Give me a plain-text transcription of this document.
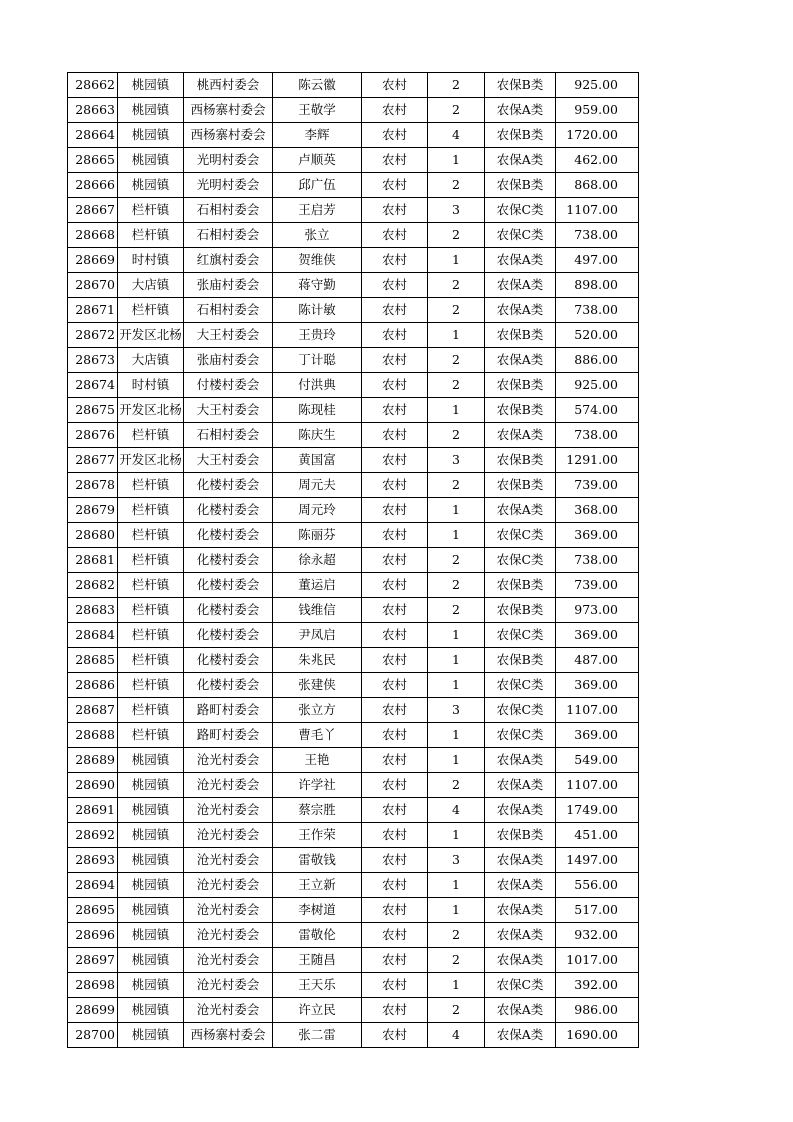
28662	桃园镇	桃西村委会	陈云徽	农村	2	农保B类	925.00
28663	桃园镇	西杨寨村委会	王敬学	农村	2	农保A类	959.00
28664	桃园镇	西杨寨村委会	李辉	农村	4	农保B类	1720.00
28665	桃园镇	光明村委会	卢顺英	农村	1	农保A类	462.00
28666	桃园镇	光明村委会	邱广伍	农村	2	农保B类	868.00
28667	栏杆镇	石相村委会	王启芳	农村	3	农保C类	1107.00
28668	栏杆镇	石相村委会	张立	农村	2	农保C类	738.00
28669	时村镇	红旗村委会	贺维侠	农村	1	农保A类	497.00
28670	大店镇	张庙村委会	蒋守勤	农村	2	农保A类	898.00
28671	栏杆镇	石相村委会	陈计敏	农村	2	农保A类	738.00
28672	开发区北杨	大王村委会	王贵玲	农村	1	农保B类	520.00
28673	大店镇	张庙村委会	丁计聪	农村	2	农保A类	886.00
28674	时村镇	付楼村委会	付洪典	农村	2	农保B类	925.00
28675	开发区北杨	大王村委会	陈现桂	农村	1	农保B类	574.00
28676	栏杆镇	石相村委会	陈庆生	农村	2	农保A类	738.00
28677	开发区北杨	大王村委会	黄国富	农村	3	农保B类	1291.00
28678	栏杆镇	化楼村委会	周元夫	农村	2	农保B类	739.00
28679	栏杆镇	化楼村委会	周元玲	农村	1	农保A类	368.00
28680	栏杆镇	化楼村委会	陈丽芬	农村	1	农保C类	369.00
28681	栏杆镇	化楼村委会	徐永超	农村	2	农保C类	738.00
28682	栏杆镇	化楼村委会	董运启	农村	2	农保B类	739.00
28683	栏杆镇	化楼村委会	钱维信	农村	2	农保B类	973.00
28684	栏杆镇	化楼村委会	尹凤启	农村	1	农保C类	369.00
28685	栏杆镇	化楼村委会	朱兆民	农村	1	农保B类	487.00
28686	栏杆镇	化楼村委会	张建侠	农村	1	农保C类	369.00
28687	栏杆镇	路町村委会	张立方	农村	3	农保C类	1107.00
28688	栏杆镇	路町村委会	曹毛丫	农村	1	农保C类	369.00
28689	桃园镇	沧光村委会	王艳	农村	1	农保A类	549.00
28690	桃园镇	沧光村委会	许学社	农村	2	农保A类	1107.00
28691	桃园镇	沧光村委会	蔡宗胜	农村	4	农保A类	1749.00
28692	桃园镇	沧光村委会	王作荣	农村	1	农保B类	451.00
28693	桃园镇	沧光村委会	雷敬钱	农村	3	农保A类	1497.00
28694	桃园镇	沧光村委会	王立新	农村	1	农保A类	556.00
28695	桃园镇	沧光村委会	李树道	农村	1	农保A类	517.00
28696	桃园镇	沧光村委会	雷敬伦	农村	2	农保A类	932.00
28697	桃园镇	沧光村委会	王随昌	农村	2	农保A类	1017.00
28698	桃园镇	沧光村委会	王天乐	农村	1	农保C类	392.00
28699	桃园镇	沧光村委会	许立民	农村	2	农保A类	986.00
28700	桃园镇	西杨寨村委会	张二雷	农村	4	农保A类	1690.00
